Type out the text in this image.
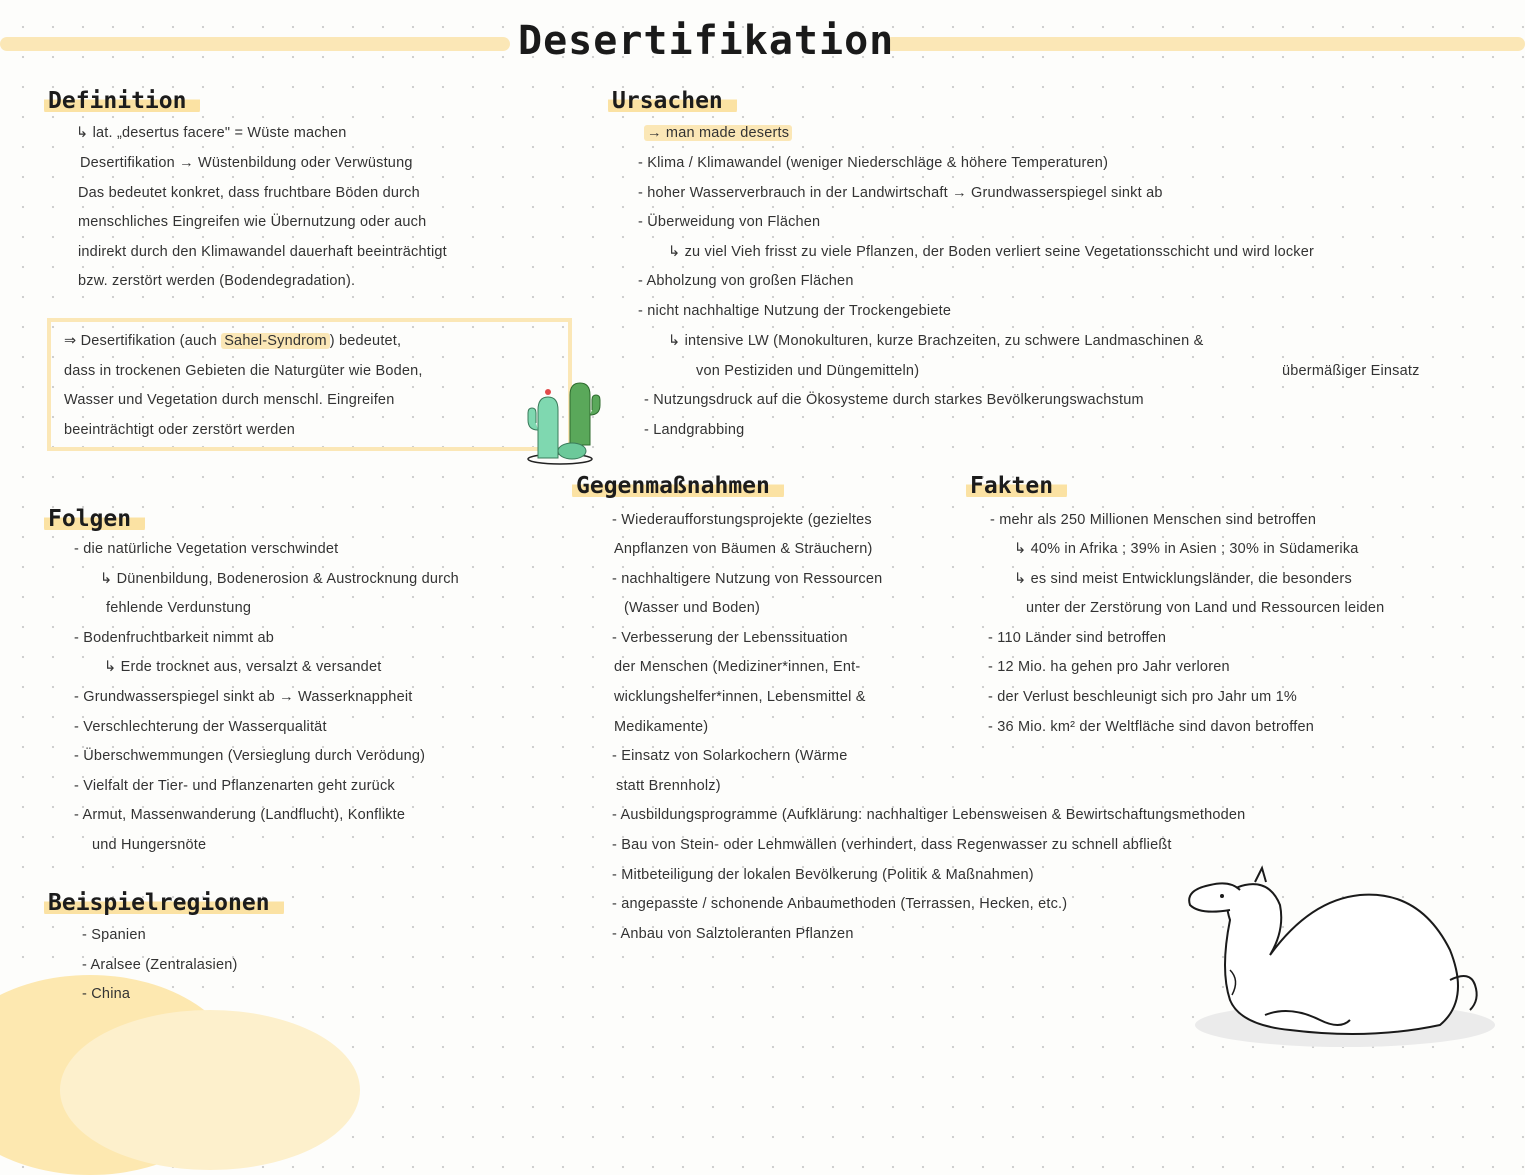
Desertifikation
Definition
↳ lat. „desertus facere" = Wüste machen
Desertifikation → Wüstenbildung oder Verwüstung
Das bedeutet konkret, dass fruchtbare Böden durch
menschliches Eingreifen wie Übernutzung oder auch
indirekt durch den Klimawandel dauerhaft beeinträchtigt
bzw. zerstört werden (Bodendegradation).
⇒ Desertifikation (auch Sahel-Syndrom ) bedeutet,
dass in trockenen Gebieten die Naturgüter wie Boden,
Wasser und Vegetation durch menschl. Eingreifen
beeinträchtigt oder zerstört werden
Ursachen
→ man made deserts
- Klima / Klimawandel (weniger Niederschläge & höhere Temperaturen)
- hoher Wasserverbrauch in der Landwirtschaft → Grundwasserspiegel sinkt ab
- Überweidung von Flächen
↳ zu viel Vieh frisst zu viele Pflanzen, der Boden verliert seine Vegetationsschicht und wird locker
- Abholzung von großen Flächen
- nicht nachhaltige Nutzung der Trockengebiete
↳ intensive LW (Monokulturen, kurze Brachzeiten, zu schwere Landmaschinen &
von Pestiziden und Düngemitteln)	übermäßiger Einsatz
- Nutzungsdruck auf die Ökosysteme durch starkes Bevölkerungswachstum
- Landgrabbing
Folgen
- die natürliche Vegetation verschwindet
↳ Dünenbildung, Bodenerosion & Austrocknung durch
fehlende Verdunstung
- Bodenfruchtbarkeit nimmt ab
↳ Erde trocknet aus, versalzt & versandet
- Grundwasserspiegel sinkt ab → Wasserknappheit
- Verschlechterung der Wasserqualität
- Überschwemmungen (Versieglung durch Verödung)
- Vielfalt der Tier- und Pflanzenarten geht zurück
- Armut, Massenwanderung (Landflucht), Konflikte
und Hungersnöte
Beispielregionen
- Spanien
- Aralsee (Zentralasien)
- China
Gegenmaßnahmen
- Wiederaufforstungsprojekte (gezieltes
Anpflanzen von Bäumen & Sträuchern)
- nachhaltigere Nutzung von Ressourcen
(Wasser und Boden)
- Verbesserung der Lebenssituation
der Menschen (Mediziner*innen, Ent-
wicklungshelfer*innen, Lebensmittel &
Medikamente)
- Einsatz von Solarkochern (Wärme
statt Brennholz)
- Ausbildungsprogramme (Aufklärung: nachhaltiger Lebensweisen & Bewirtschaftungsmethoden
- Bau von Stein- oder Lehmwällen (verhindert, dass Regenwasser zu schnell abfließt
- Mitbeteiligung der lokalen Bevölkerung (Politik & Maßnahmen)
- angepasste / schonende Anbaumethoden (Terrassen, Hecken, etc.)
- Anbau von Salztoleranten Pflanzen
Fakten
- mehr als 250 Millionen Menschen sind betroffen
↳ 40% in Afrika ; 39% in Asien ; 30% in Südamerika
↳ es sind meist Entwicklungsländer, die besonders
unter der Zerstörung von Land und Ressourcen leiden
- 110 Länder sind betroffen
- 12 Mio. ha gehen pro Jahr verloren
- der Verlust beschleunigt sich pro Jahr um 1%
- 36 Mio. km² der Weltfläche sind davon betroffen
